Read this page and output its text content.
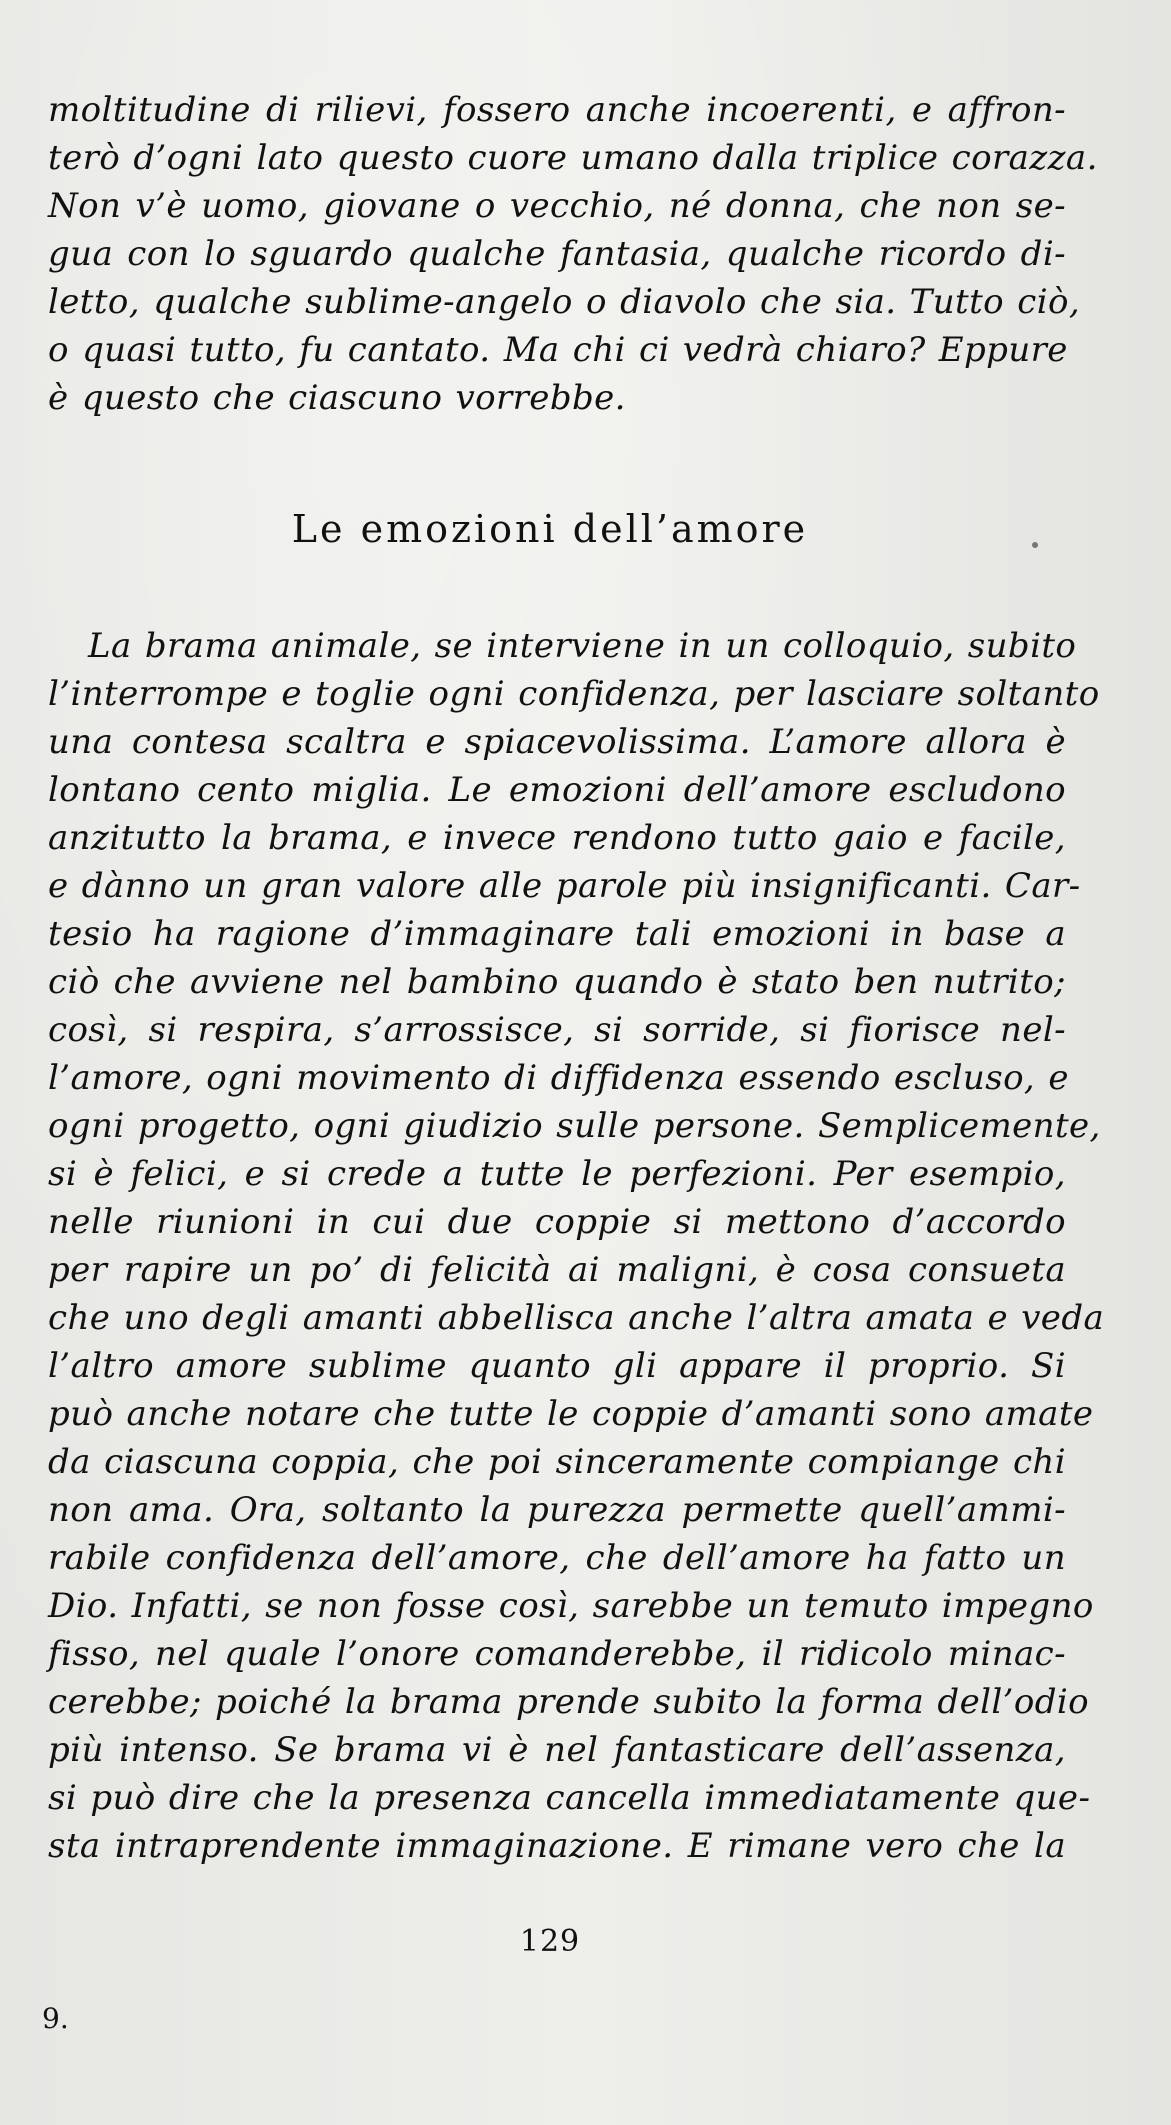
moltitudine di rilievi, fossero anche incoerenti, e affron-

terò d’ogni lato questo cuore umano dalla triplice corazza.

Non v’è uomo, giovane o vecchio, né donna, che non se-

gua con lo sguardo qualche fantasia, qualche ricordo di-

letto, qualche sublime-angelo o diavolo che sia. Tutto ciò,

o quasi tutto, fu cantato. Ma chi ci vedrà chiaro? Eppure

è questo che ciascuno vorrebbe.

Le emozioni dell’amore

La brama animale, se interviene in un colloquio, subito

l’interrompe e toglie ogni confidenza, per lasciare soltanto

una contesa scaltra e spiacevolissima. L’amore allora è

lontano cento miglia. Le emozioni dell’amore escludono

anzitutto la brama, e invece rendono tutto gaio e facile,

e dànno un gran valore alle parole più insignificanti. Car-

tesio ha ragione d’immaginare tali emozioni in base a

ciò che avviene nel bambino quando è stato ben nutrito;

così, si respira, s’arrossisce, si sorride, si fiorisce nel-

l’amore, ogni movimento di diffidenza essendo escluso, e

ogni progetto, ogni giudizio sulle persone. Semplicemente,

si è felici, e si crede a tutte le perfezioni. Per esempio,

nelle riunioni in cui due coppie si mettono d’accordo

per rapire un po’ di felicità ai maligni, è cosa consueta

che uno degli amanti abbellisca anche l’altra amata e veda

l’altro amore sublime quanto gli appare il proprio. Si

può anche notare che tutte le coppie d’amanti sono amate

da ciascuna coppia, che poi sinceramente compiange chi

non ama. Ora, soltanto la purezza permette quell’ammi-

rabile confidenza dell’amore, che dell’amore ha fatto un

Dio. Infatti, se non fosse così, sarebbe un temuto impegno

fisso, nel quale l’onore comanderebbe, il ridicolo minac-

cerebbe; poiché la brama prende subito la forma dell’odio

più intenso. Se brama vi è nel fantasticare dell’assenza,

si può dire che la presenza cancella immediatamente que-

sta intraprendente immaginazione. E rimane vero che la

129
9.
